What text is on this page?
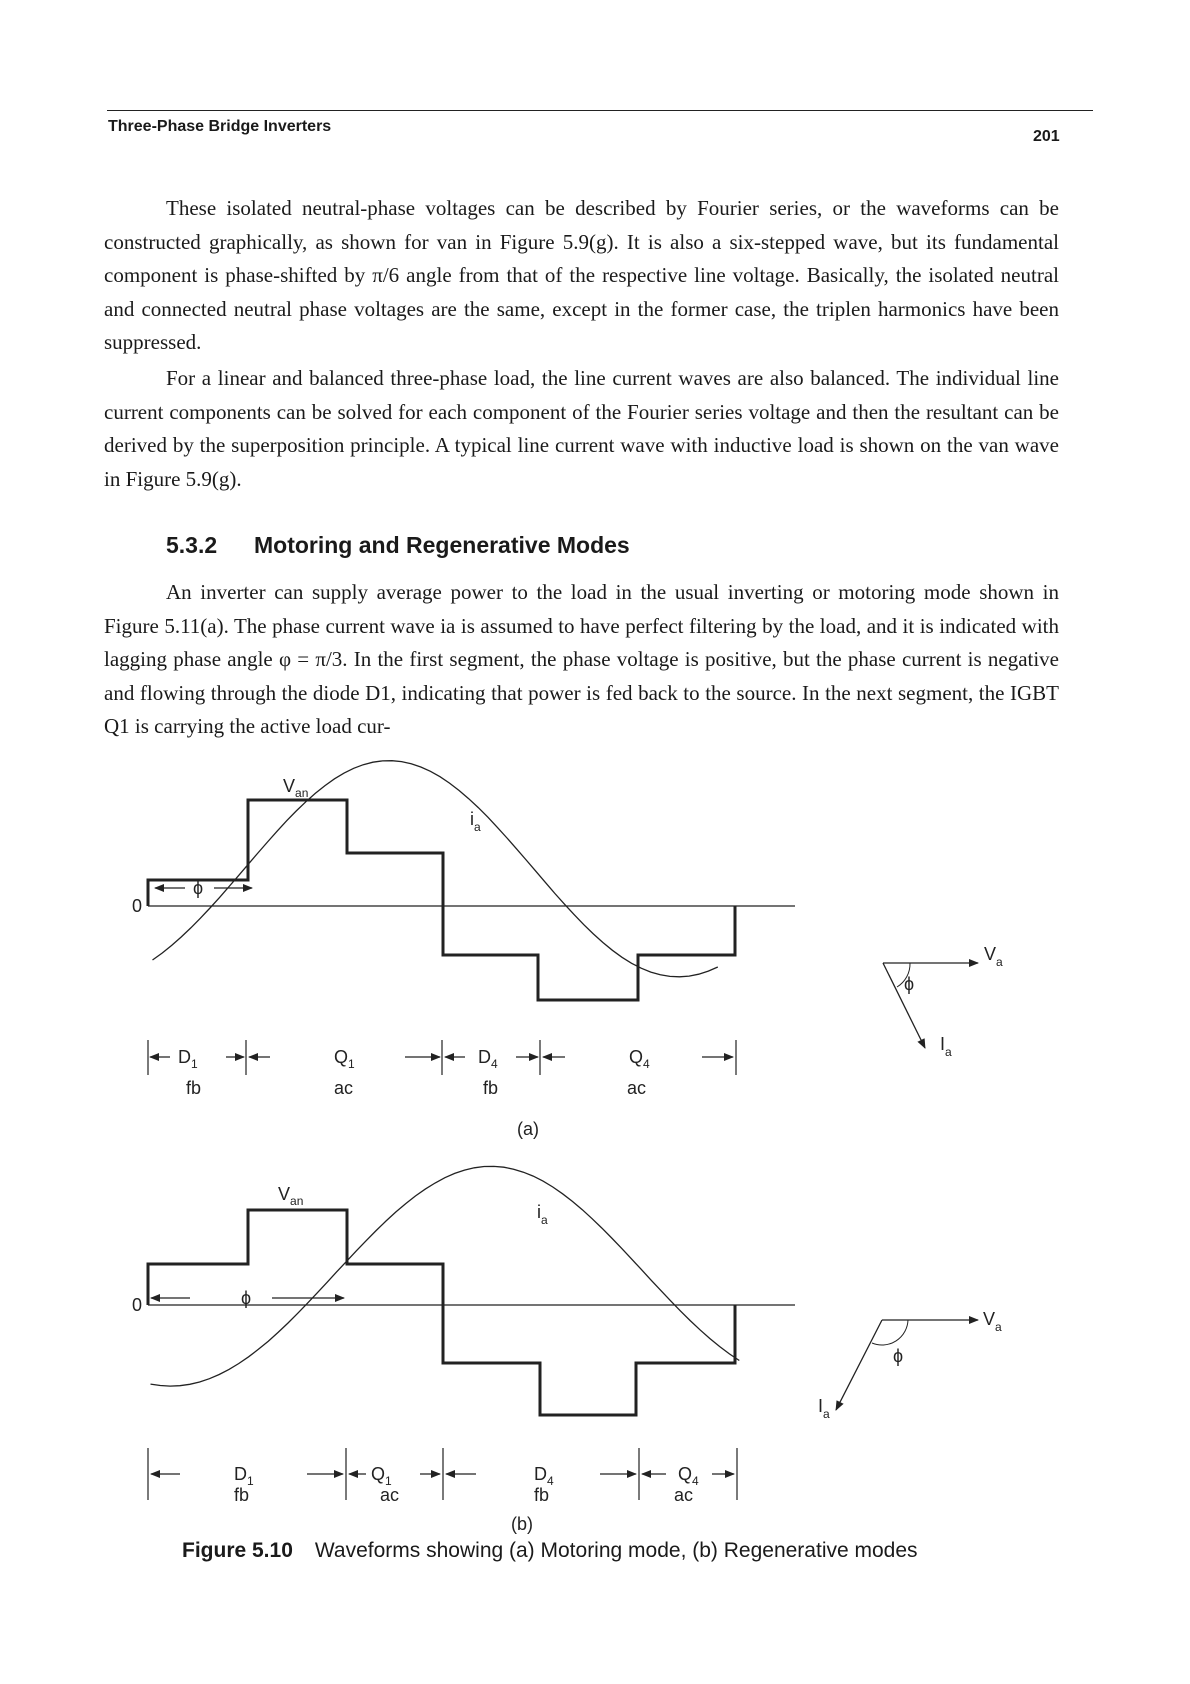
Three-Phase Bridge Inverters
201

These isolated neutral-phase voltages can be described by Fourier series, or the waveforms can be constructed graphically, as shown for van in Figure 5.9(g). It is also a six-stepped wave, but its fundamental component is phase-shifted by π/6 angle from that of the respective line voltage. Basically, the isolated neutral and connected neutral phase voltages are the same, except in the former case, the triplen harmonics have been suppressed.

For a linear and balanced three-phase load, the line current waves are also balanced. The individual line current components can be solved for each component of the Fourier series voltage and then the resultant can be derived by the superposition principle. A typical line current wave with inductive load is shown on the van wave in Figure 5.9(g).

5.3.2 Motoring and Regenerative Modes

An inverter can supply average power to the load in the usual inverting or motoring mode shown in Figure 5.11(a). The phase current wave ia is assumed to have perfect filtering by the load, and it is indicated with lagging phase angle φ = π/3. In the first segment, the phase voltage is positive, but the phase current is negative and flowing through the diode D1, indicating that power is fed back to the source. In the next segment, the IGBT Q1 is carrying the active load cur-

0
$V_{an}$
$i_a$
ϕ
$D_1$
fb
$Q_1$
ac
$D_4$
fb
$Q_4$
ac
(a)
$V_a$
$I_a$
ϕ
0
$V_{an}$
$i_a$
ϕ
$D_1$
fb
$Q_1$
ac
$D_4$
fb
$Q_4$
ac
(b)
$V_a$
$I_a$
ϕ
Figure 5.10 Waveforms showing (a) Motoring mode, (b) Regenerative modes
